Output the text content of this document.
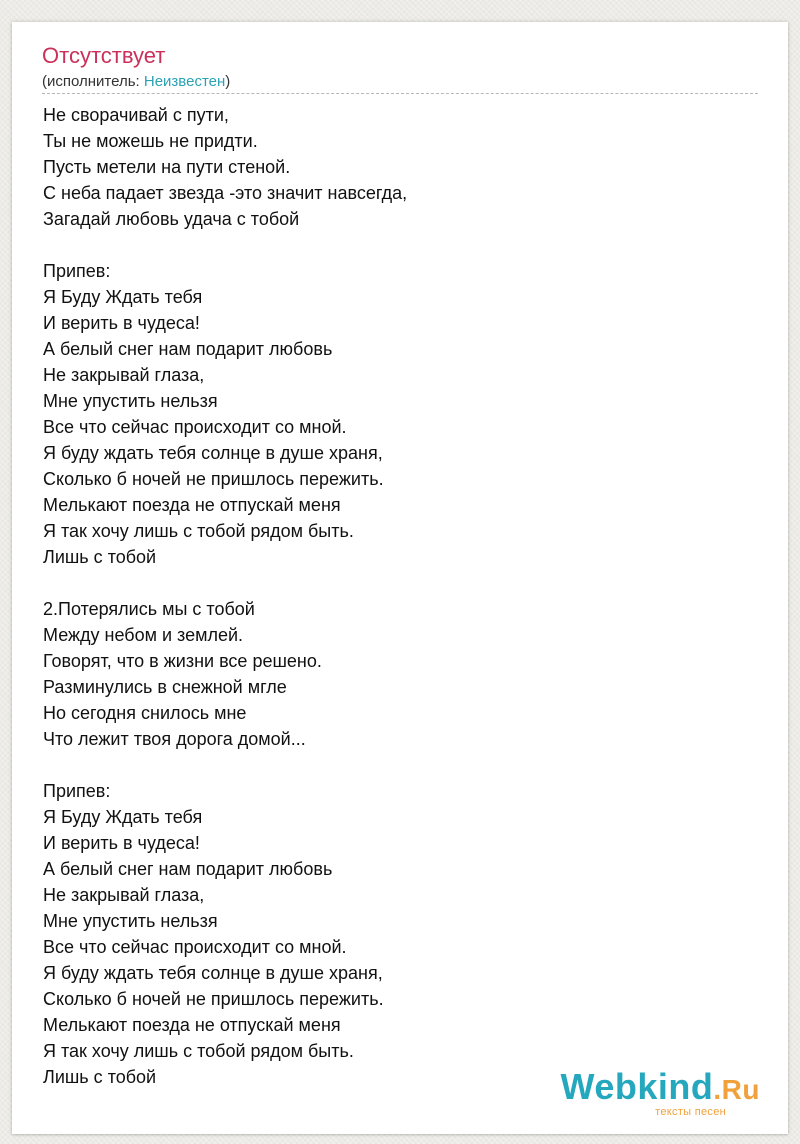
Отсутствует
(исполнитель: Неизвестен)
Не сворачивай с пути,
Ты не можешь не придти.
Пусть метели на пути стеной.
С неба падает звезда -это значит навсегда,
Загадай любовь удача с тобой
Припев:
Я Буду Ждать тебя
И верить в чудеса!
А белый снег нам подарит любовь
Не закрывай глаза,
Мне упустить нельзя
Все что сейчас происходит со мной.
Я буду ждать тебя солнце в душе храня,
Сколько б ночей не пришлось пережить.
Мелькают поезда не отпускай меня
Я так хочу лишь с тобой рядом быть.
Лишь с тобой
2.Потерялись мы с тобой
Между небом и землей.
Говорят, что в жизни все решено.
Разминулись в снежной мгле
Но сегодня снилось мне
Что лежит твоя дорога домой...
Припев:
Я Буду Ждать тебя
И верить в чудеса!
А белый снег нам подарит любовь
Не закрывай глаза,
Мне упустить нельзя
Все что сейчас происходит со мной.
Я буду ждать тебя солнце в душе храня,
Сколько б ночей не пришлось пережить.
Мелькают поезда не отпускай меня
Я так хочу лишь с тобой рядом быть.
Лишь с тобой	Webkind.Ru
тексты песен
